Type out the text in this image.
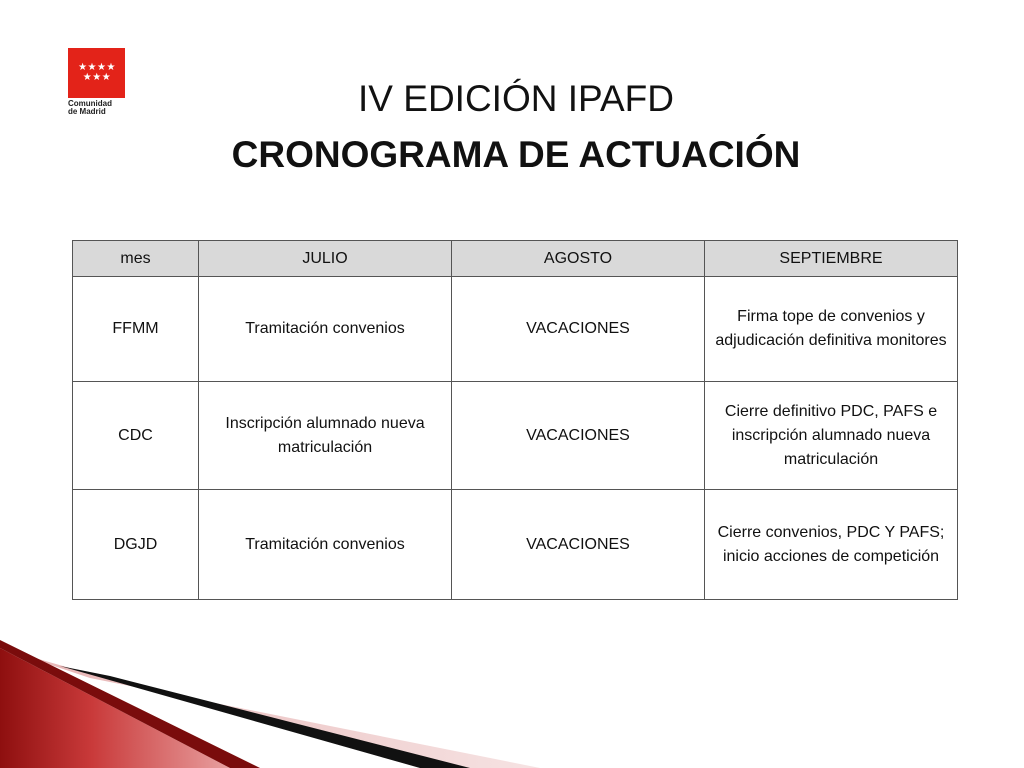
★★★★
★★★
Comunidad
de Madrid	IV EDICIÓN IPAFD
CRONOGRAMA DE ACTUACIÓN
mes	JULIO	AGOSTO	SEPTIEMBRE
FFMM	Tramitación convenios	VACACIONES	Firma tope de convenios y adjudicación definitiva monitores
CDC	Inscripción alumnado nueva matriculación	VACACIONES	Cierre definitivo PDC, PAFS e inscripción alumnado nueva matriculación
DGJD	Tramitación convenios	VACACIONES	Cierre convenios, PDC Y PAFS; inicio acciones de competición
